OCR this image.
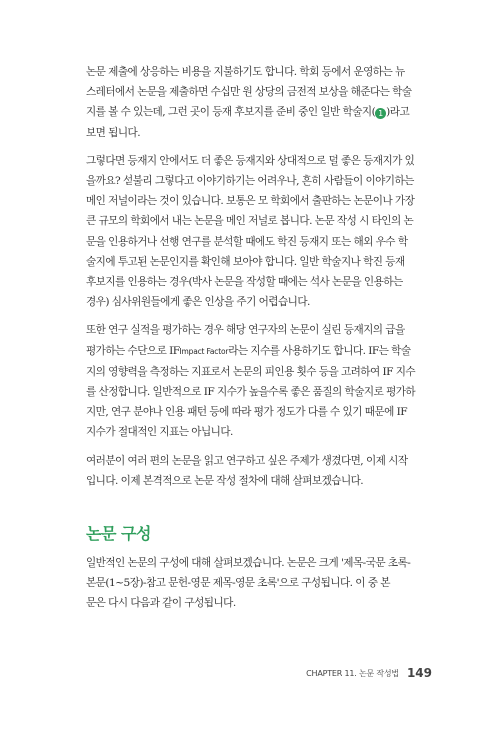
논문 제출에 상응하는 비용을 지불하기도 합니다. 학회 등에서 운영하는 뉴
스레터에서 논문을 제출하면 수십만 원 상당의 금전적 보상을 해준다는 학술
지를 볼 수 있는데, 그런 곳이 등재 후보지를 준비 중인 일반 학술지( 1 )라고
보면 됩니다.

그렇다면 등재지 안에서도 더 좋은 등재지와 상대적으로 덜 좋은 등재지가 있
을까요? 섣불리 그렇다고 이야기하기는 어려우나, 흔히 사람들이 이야기하는
메인 저널이라는 것이 있습니다. 보통은 모 학회에서 출판하는 논문이나 가장
큰 규모의 학회에서 내는 논문을 메인 저널로 봅니다. 논문 작성 시 타인의 논
문을 인용하거나 선행 연구를 분석할 때에도 학진 등재지 또는 해외 우수 학
술지에 투고된 논문인지를 확인해 보아야 합니다. 일반 학술지나 학진 등재
후보지를 인용하는 경우(박사 논문을 작성할 때에는 석사 논문을 인용하는
경우) 심사위원들에게 좋은 인상을 주기 어렵습니다.

또한 연구 실적을 평가하는 경우 해당 연구자의 논문이 실린 등재지의 급을
평가하는 수단으로 IFImpact Factor라는 지수를 사용하기도 합니다. IF는 학술
지의 영향력을 측정하는 지표로서 논문의 피인용 횟수 등을 고려하여 IF 지수
를 산정합니다. 일반적으로 IF 지수가 높을수록 좋은 품질의 학술지로 평가하
지만, 연구 분야나 인용 패턴 등에 따라 평가 정도가 다를 수 있기 때문에 IF
지수가 절대적인 지표는 아닙니다.

여러분이 여러 편의 논문을 읽고 연구하고 싶은 주제가 생겼다면, 이제 시작
입니다. 이제 본격적으로 논문 작성 절차에 대해 살펴보겠습니다.

논문 구성

일반적인 논문의 구성에 대해 살펴보겠습니다. 논문은 크게 '제목-국문 초록-
본문(1~5장)-참고 문헌-영문 제목-영문 초록'으로 구성됩니다. 이 중 본
문은 다시 다음과 같이 구성됩니다.

CHAPTER 11. 논문 작성법 149
